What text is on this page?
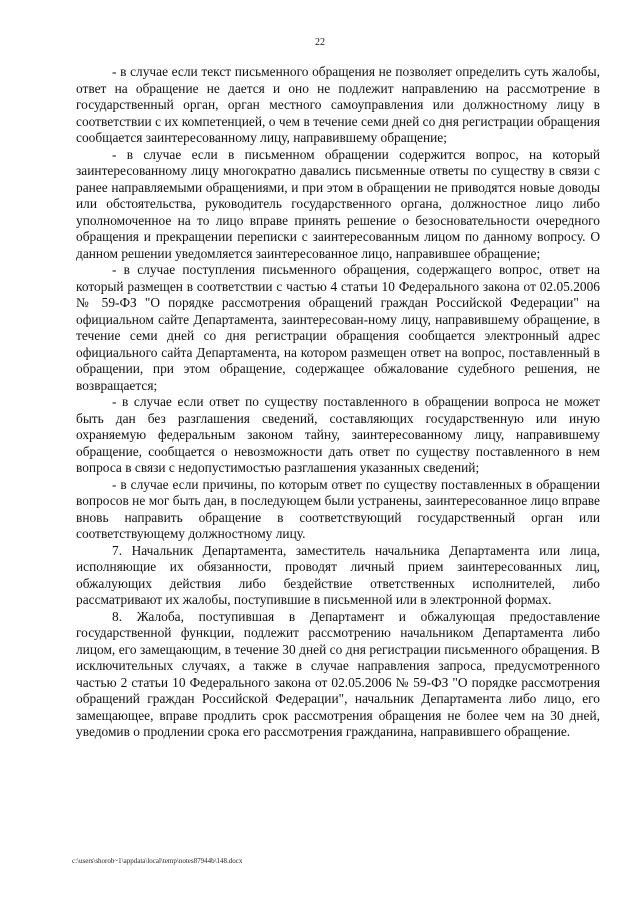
22

- в случае если текст письменного обращения не позволяет определить суть жалобы, ответ на обращение не дается и оно не подлежит направлению на рассмотрение в государственный орган, орган местного самоуправления или должностному лицу в соответствии с их компетенцией, о чем в течение семи дней со дня регистрации обращения сообщается заинтересованному лицу, направившему обращение;

- в случае если в письменном обращении содержится вопрос, на который заинтересованному лицу многократно давались письменные ответы по существу в связи с ранее направляемыми обращениями, и при этом в обращении не приводятся новые доводы или обстоятельства, руководитель государственного органа, должностное лицо либо уполномоченное на то лицо вправе принять решение о безосновательности очередного обращения и прекращении переписки с заинтересованным лицом по данному вопросу. О данном решении уведомляется заинтересованное лицо, направившее обращение;

- в случае поступления письменного обращения, содержащего вопрос, ответ на который размещен в соответствии с частью 4 статьи 10 Федерального закона от 02.05.2006 № 59-ФЗ "О порядке рассмотрения обращений граждан Российской Федерации" на официальном сайте Департамента, заинтересован-ному лицу, направившему обращение, в течение семи дней со дня регистрации обращения сообщается электронный адрес официального сайта Департамента, на котором размещен ответ на вопрос, поставленный в обращении, при этом обращение, содержащее обжалование судебного решения, не возвращается;

- в случае если ответ по существу поставленного в обращении вопроса не может быть дан без разглашения сведений, составляющих государственную или иную охраняемую федеральным законом тайну, заинтересованному лицу, направившему обращение, сообщается о невозможности дать ответ по существу поставленного в нем вопроса в связи с недопустимостью разглашения указанных сведений;

- в случае если причины, по которым ответ по существу поставленных в обращении вопросов не мог быть дан, в последующем были устранены, заинтересованное лицо вправе вновь направить обращение в соответствующий государственный орган или соответствующему должностному лицу.

7. Начальник Департамента, заместитель начальника Департамента или лица, исполняющие их обязанности, проводят личный прием заинтересованных лиц, обжалующих действия либо бездействие ответственных исполнителей, либо рассматривают их жалобы, поступившие в письменной или в электронной формах.

8. Жалоба, поступившая в Департамент и обжалующая предоставление государственной функции, подлежит рассмотрению начальником Департамента либо лицом, его замещающим, в течение 30 дней со дня регистрации письменного обращения. В исключительных случаях, а также в случае направления запроса, предусмотренного частью 2 статьи 10 Федерального закона от 02.05.2006 № 59-ФЗ "О порядке рассмотрения обращений граждан Российской Федерации", начальник Департамента либо лицо, его замещающее, вправе продлить срок рассмотрения обращения не более чем на 30 дней, уведомив о продлении срока его рассмотрения гражданина, направившего обращение.

c:\users\shorob~1\appdata\local\temp\notes87944b\148.docx
